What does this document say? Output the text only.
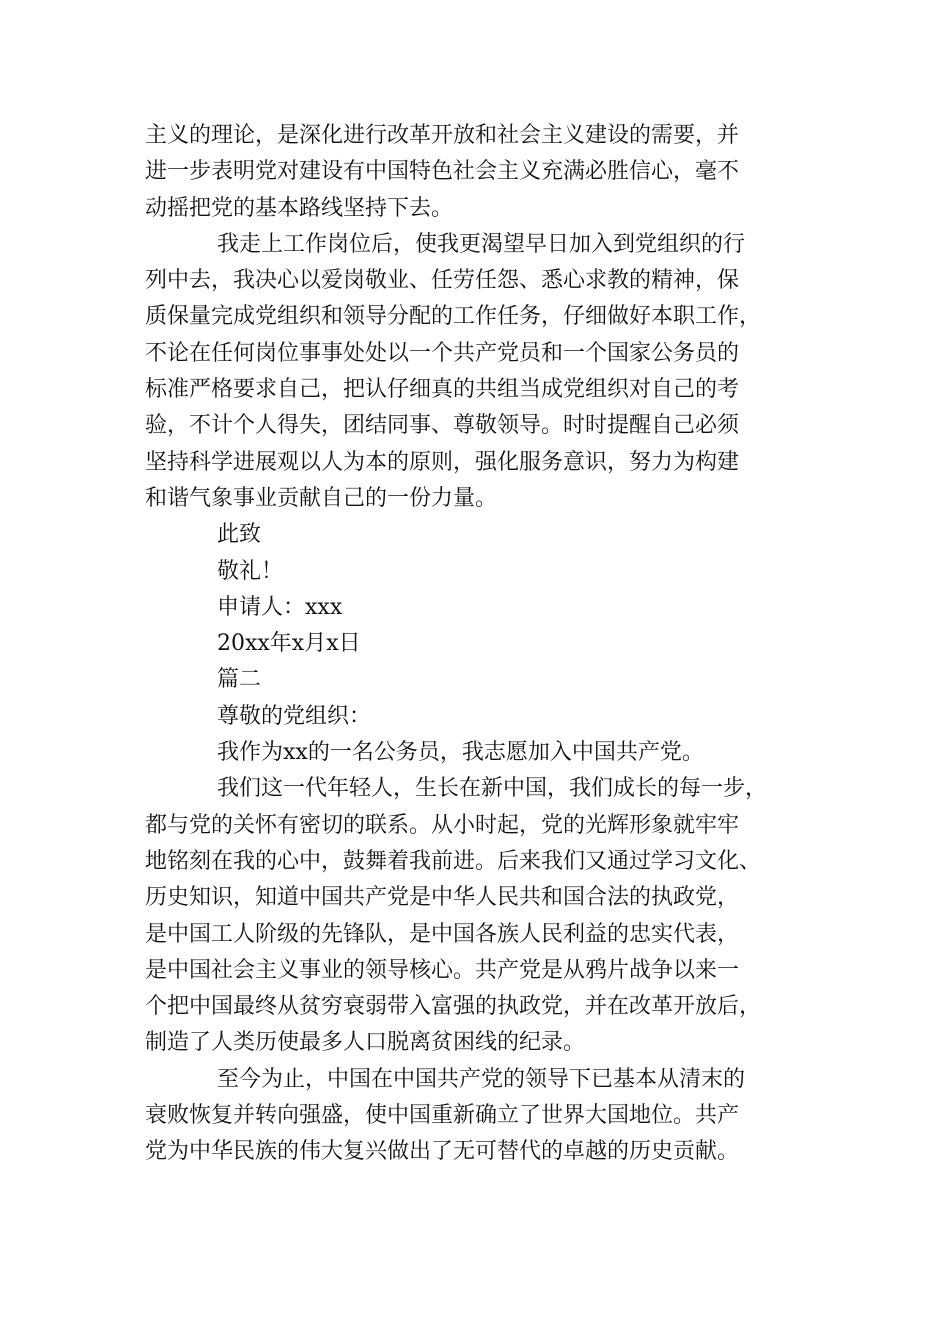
主义的理论，是深化进行改革开放和社会主义建设的需要，并

进一步表明党对建设有中国特色社会主义充满必胜信心，毫不

动摇把党的基本路线坚持下去。

我走上工作岗位后，使我更渴望早日加入到党组织的行

列中去，我决心以爱岗敬业、任劳任怨、悉心求教的精神，保

质保量完成党组织和领导分配的工作任务，仔细做好本职工作，

不论在任何岗位事事处处以一个共产党员和一个国家公务员的

标准严格要求自己，把认仔细真的共组当成党组织对自己的考

验，不计个人得失，团结同事、尊敬领导。时时提醒自己必须

坚持科学进展观以人为本的原则，强化服务意识，努力为构建

和谐气象事业贡献自己的一份力量。

此致

敬礼！

申请人：xxx

20xx年x月x日

篇二

尊敬的党组织：

我作为xx的一名公务员，我志愿加入中国共产党。

我们这一代年轻人，生长在新中国，我们成长的每一步，

都与党的关怀有密切的联系。从小时起，党的光辉形象就牢牢

地铭刻在我的心中，鼓舞着我前进。后来我们又通过学习文化、

历史知识，知道中国共产党是中华人民共和国合法的执政党，

是中国工人阶级的先锋队，是中国各族人民利益的忠实代表，

是中国社会主义事业的领导核心。共产党是从鸦片战争以来一

个把中国最终从贫穷衰弱带入富强的执政党，并在改革开放后，

制造了人类历使最多人口脱离贫困线的纪录。

至今为止，中国在中国共产党的领导下已基本从清末的

衰败恢复并转向强盛，使中国重新确立了世界大国地位。共产

党为中华民族的伟大复兴做出了无可替代的卓越的历史贡献。
